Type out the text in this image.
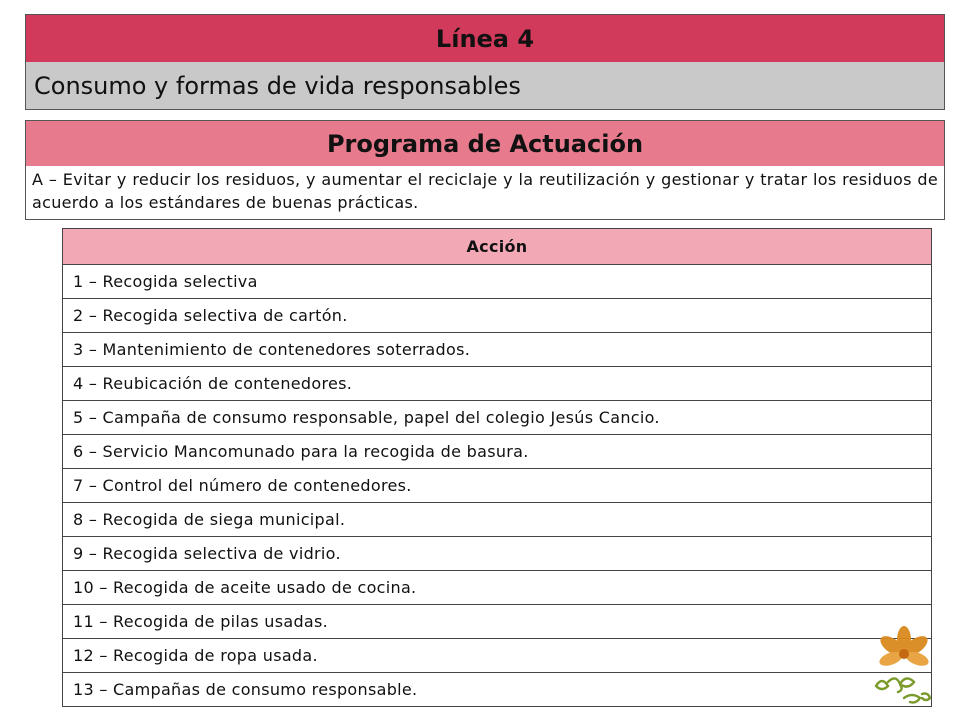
Línea 4
Consumo y formas de vida responsables
Programa de Actuación
A – Evitar y reducir los residuos, y aumentar el reciclaje y la reutilización y gestionar y tratar los residuos de acuerdo a los estándares de buenas prácticas.
Acción
1 – Recogida selectiva
2 – Recogida selectiva de cartón.
3 – Mantenimiento de contenedores soterrados.
4 – Reubicación de contenedores.
5 – Campaña de consumo responsable, papel del colegio Jesús Cancio.
6 – Servicio Mancomunado para la recogida de basura.
7 – Control del número de contenedores.
8 – Recogida de siega municipal.
9 – Recogida selectiva de vidrio.
10 – Recogida de aceite usado de cocina.
11 – Recogida de pilas usadas.
12 – Recogida de ropa usada.
13 – Campañas de consumo responsable.
